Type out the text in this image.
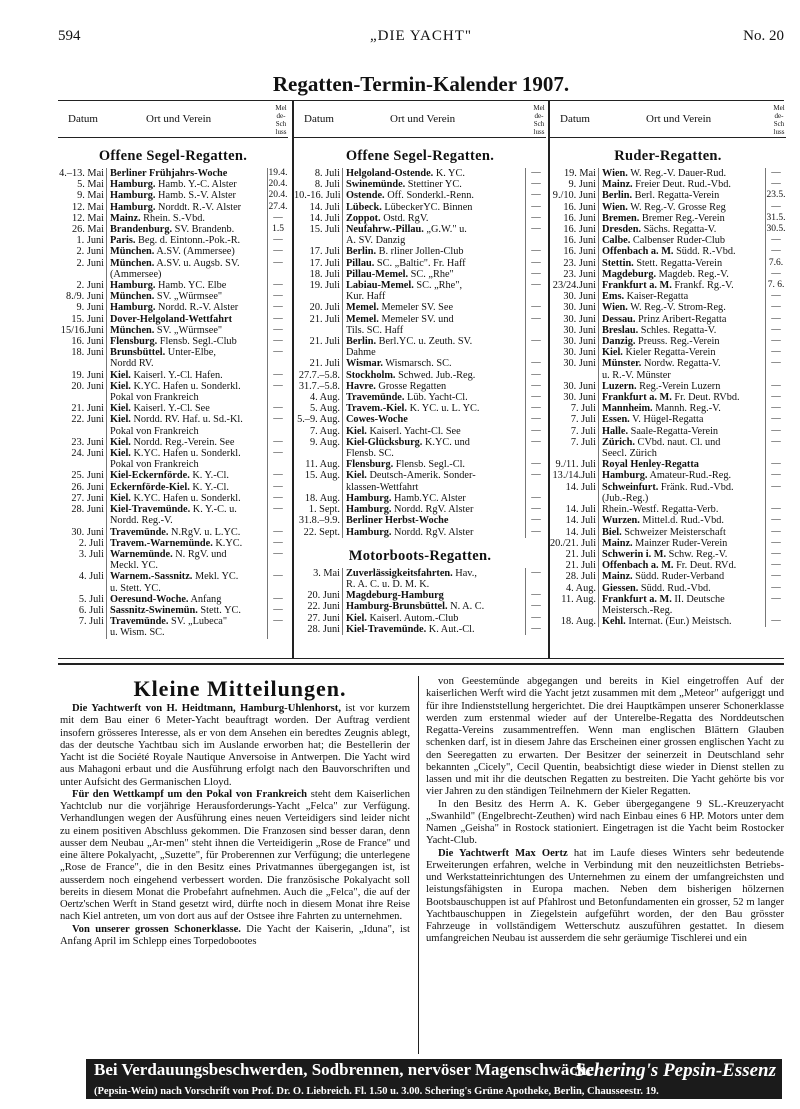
594	„DIE YACHT"	No. 20
Regatten-Termin-Kalender 1907.
Datum	Ort und Verein
Melde-Schluss
Offene Segel-Regatten.
4.–13. Mai Berliner Frühjahrs-Woche	19.4.
5. Mai Hamburg. Hamb. Y.-C. Alster	20.4.
9. Mai Hamburg. Hamb. S.-V. Alster	20.4.
12. Mai Hamburg. Norddt. R.-V. Alster	27.4.
12. Mai Mainz. Rhein. S.-Vbd.	—
26. Mai Brandenburg. SV. Brandenb.	1.5
1. Juni Paris. Beg. d. Eintonn.-Pok.-R.	—
2. Juni München. A.SV. (Ammersee)	—
2. Juni München. A.SV. u. Augsb. SV.	—
(Ammersee)
2. Juni Hamburg. Hamb. YC. Elbe	—
8./9. Juni München. SV. „Würmsee"	—
9. Juni Hamburg. Nordd. R.-V. Alster	—
15. Juni Dover-Helgoland-Wettfahrt	—
15/16.Juni München. SV. „Würmsee"	—
16. Juni Flensburg. Flensb. Segl.-Club	—
18. Juni Brunsbüttel. Unter-Elbe,	—
Nordd RV.
19. Juni Kiel. Kaiserl. Y.-Cl. Hafen.	—
20. Juni Kiel. K.YC. Hafen u. Sonderkl.	—
Pokal von Frankreich
21. Juni Kiel. Kaiserl. Y.-Cl. See	—
22. Juni Kiel. Nordd. RV. Haf. u. Sd.-Kl.	—
Pokal von Frankreich
23. Juni Kiel. Nordd. Reg.-Verein. See	—
24. Juni Kiel. K.YC. Hafen u. Sonderkl.	—
Pokal von Frankreich
25. Juni Kiel-Eckernförde. K. Y.-Cl.	—
26. Juni Eckernförde-Kiel. K. Y.-Cl.	—
27. Juni Kiel. K.YC. Hafen u. Sonderkl.	—
28. Juni Kiel-Travemünde. K. Y.-C. u.	—
Nordd. Reg.-V.
30. Juni Travemünde. N.RgV. u. L.YC.	—
2. Juli Travem.-Warnemünde. K.YC.	—
3. Juli Warnemünde. N. RgV. und	—
Meckl. YC.
4. Juli Warnem.-Sassnitz. Mekl. YC.	—
u. Stett. YC.
5. Juli Oeresund-Woche. Anfang	—
6. Juli Sassnitz-Swinemün. Stett. YC.	—
7. Juli Travemünde. SV. „Lubeca"	—
u. Wism. SC.
Datum	Ort und Verein
Melde-Schluss
Offene Segel-Regatten.
8. Juli Helgoland-Ostende. K. YC.	—
8. Juli Swinemünde. Stettiner YC.	—
10.-16. Juli Ostende. Off. Sonderkl.-Renn.	—
14. Juli Lübeck. LübeckerYC. Binnen	—
14. Juli Zoppot. Ostd. RgV.	—
15. Juli Neufahrw.-Pillau. „G.W." u.	—
A. SV. Danzig
17. Juli Berlin. B. rliner Jollen-Club	—
17. Juli Pillau. SC. „Baltic". Fr. Haff	—
18. Juli Pillau-Memel. SC. „Rhe"	—
19. Juli Labiau-Memel. SC. „Rhe",	—
Kur. Haff
20. Juli Memel. Memeler SV. See	—
21. Juli Memel. Memeler SV. und	—
Tils. SC. Haff
21. Juli Berlin. Berl.YC. u. Zeuth. SV.	—
Dahme
21. Juli Wismar. Wismarsch. SC.	—
27.7.–5.8. Stockholm. Schwed. Jub.-Reg.	—
31.7.–5.8. Havre. Grosse Regatten	—
4. Aug. Travemünde. Lüb. Yacht-Cl.	—
5. Aug. Travem.-Kiel. K. YC. u. L. YC.	—
5.–9. Aug. Cowes-Woche	—
7. Aug. Kiel. Kaiserl. Yacht-Cl. See	—
9. Aug. Kiel-Glücksburg. K.YC. und	—
Flensb. SC.
11. Aug. Flensburg. Flensb. Segl.-Cl.	—
15. Aug. Kiel. Deutsch-Amerik. Sonder-	—
klassen-Wettfahrt
18. Aug. Hamburg. Hamb.YC. Alster	—
1. Sept. Hamburg. Nordd. RgV. Alster	—
31.8.–9.9. Berliner Herbst-Woche	—
22. Sept. Hamburg. Nordd. RgV. Alster	—
Motorboots-Regatten.
3. Mai Zuverlässigkeitsfahrten. Hav.,	—
R. A. C. u. D. M. K.
20. Juni Magdeburg-Hamburg	—
22. Juni Hamburg-Brunsbüttel. N. A. C.	—
27. Juni Kiel. Kaiserl. Autom.-Club	—
28. Juni Kiel-Travemünde. K. Aut.-Cl.	—
Datum	Ort und Verein
Melde-Schluss
Ruder-Regatten.
19. Mai Wien. W. Reg.-V. Dauer-Rud.	—
9. Juni Mainz. Freier Deut. Rud.-Vbd.	—
9./10. Juni Berlin. Berl. Regatta-Verein	23.5.
16. Juni Wien. W. Reg.-V. Grosse Reg	—
16. Juni Bremen. Bremer Reg.-Verein	31.5.
16. Juni Dresden. Sächs. Regatta-V.	30.5.
16. Juni Calbe. Calbenser Ruder-Club	—
16. Juni Offenbach a. M. Südd. R.-Vbd.	—
23. Juni Stettin. Stett. Regatta-Verein	7.6.
23. Juni Magdeburg. Magdeb. Reg.-V.	—
23/24.Juni Frankfurt a. M. Frankf. Rg.-V.	7. 6.
30. Juni Ems. Kaiser-Regatta	—
30. Juni Wien. W. Reg.-V. Strom-Reg.	—
30. Juni Dessau. Prinz Aribert-Regatta	—
30. Juni Breslau. Schles. Regatta-V.	—
30. Juni Danzig. Preuss. Reg.-Verein	—
30. Juni Kiel. Kieler Regatta-Verein	—
30. Juni Münster. Nordw. Regatta-V.	—
u. R.-V. Münster
30. Juni Luzern. Reg.-Verein Luzern	—
30. Juni Frankfurt a. M. Fr. Deut. RVbd.	—
7. Juli Mannheim. Mannh. Reg.-V.	—
7. Juli Essen. V. Hügel-Regatta	—
7. Juli Halle. Saale-Regatta-Verein	—
7. Juli Zürich. CVbd. naut. Cl. und	—
Seecl. Zürich
9./11. Juli Royal Henley-Regatta	—
13./14.Juli Hamburg. Amateur-Rud.-Reg.	—
14. Juli Schweinfurt. Fränk. Rud.-Vbd.	—
(Jub.-Reg.)
14. Juli Rhein.-Westf. Regatta-Verb.	—
14. Juli Wurzen. Mittel.d. Rud.-Vbd.	—
14. Juli Biel. Schweizer Meisterschaft	—
20./21. Juli Mainz. Mainzer Ruder-Verein	—
21. Juli Schwerin i. M. Schw. Reg.-V.	—
21. Juli Offenbach a. M. Fr. Deut. RVd.	—
28. Juli Mainz. Südd. Ruder-Verband	—
4. Aug. Giessen. Südd. Rud.-Vbd.	—
11. Aug. Frankfurt a. M. II. Deutsche	—
Meistersch.-Reg.
18. Aug. Kehl. Internat. (Eur.) Meistsch.	—
Kleine Mitteilungen.

Die Yachtwerft von H. Heidtmann, Hamburg-Uhlenhorst, ist vor kurzem mit dem Bau einer 6 Meter-Yacht beauftragt worden. Der Auftrag verdient insofern grösseres Interesse, als er von dem Ansehen ein beredtes Zeugnis ablegt, das der deutsche Yachtbau sich im Auslande erworben hat; die Bestellerin der Yacht ist die Société Royale Nautique Anversoise in Antwerpen. Die Yacht wird aus Mahagoni erbaut und die Ausführung erfolgt nach den Bauvorschriften und unter Aufsicht des Germanischen Lloyd.

Für den Wettkampf um den Pokal von Frankreich steht dem Kaiserlichen Yachtclub nur die vorjährige Herausforderungs-Yacht „Felca" zur Verfügung. Verhandlungen wegen der Ausführung eines neuen Verteidigers sind leider nicht zu einem positiven Abschluss gekommen. Die Franzosen sind besser daran, denn ausser dem Neubau „Ar-men" steht ihnen die Verteidigerin „Rose de France" und eine ältere Pokalyacht, „Suzette", für Proberennen zur Verfügung; die unterlegene „Rose de France", die in den Besitz eines Privatmannes übergegangen ist, ist ausserdem noch eingehend verbessert worden. Die französische Pokalyacht soll bereits in diesem Monat die Probefahrt aufnehmen. Auch die „Felca", die auf der Oertz'schen Werft in Stand gesetzt wird, dürfte noch in diesem Monat ihre Reise nach Kiel antreten, um von dort aus auf der Ostsee ihre Fahrten zu unternehmen.

Von unserer grossen Schonerklasse. Die Yacht der Kaiserin, „Iduna", ist Anfang April im Schlepp eines Torpedobootes

von Geestemünde abgegangen und bereits in Kiel eingetroffen Auf der kaiserlichen Werft wird die Yacht jetzt zusammen mit dem „Meteor" aufgeriggt und für ihre Indienststellung hergerichtet. Die drei Hauptkämpen unserer Schonerklasse werden zum erstenmal wieder auf der Unterelbe-Regatta des Norddeutschen Regatta-Vereins zusammentreffen. Wenn man englischen Blättern Glauben schenken darf, ist in diesem Jahre das Erscheinen einer grossen englischen Yacht zu den Seeregatten zu erwarten. Der Besitzer der seinerzeit in Deutschland sehr bekannten „Cicely", Cecil Quentin, beabsichtigt diese wieder in Dienst stellen zu lassen und mit ihr die deutschen Regatten zu bestreiten. Die Yacht gehörte bis vor vier Jahren zu den ständigen Teilnehmern der Kieler Regatten.

In den Besitz des Herrn A. K. Geber übergegangene 9 SL.-Kreuzeryacht „Swanhild" (Engelbrecht-Zeuthen) wird nach Einbau eines 6 HP. Motors unter dem Namen „Geisha" in Rostock stationiert. Eingetragen ist die Yacht beim Rostocker Yacht-Club.

Die Yachtwerft Max Oertz hat im Laufe dieses Winters sehr bedeutende Erweiterungen erfahren, welche in Verbindung mit den neuzeitlichsten Betriebs- und Werkstatteinrichtungen des Unternehmen zu einem der umfangreichsten und leistungsfähigsten in Europa machen. Neben dem bisherigen hölzernen Bootsbauschuppen ist auf Pfahlrost und Betonfundamenten ein grosser, 52 m langer Yachtbauschuppen in Ziegelstein aufgeführt worden, der den Bau grösster Fahrzeuge in vollständigem Wetterschutz auszuführen gestattet. In diesem umfangreichen Neubau ist ausserdem die sehr geräumige Tischlerei und ein

Bei Verdauungsbeschwerden, Sodbrennen, nervöser Magenschwäche
Schering's Pepsin-Essenz
(Pepsin-Wein) nach Vorschrift von Prof. Dr. O. Liebreich. Fl. 1.50 u. 3.00. Schering's Grüne Apotheke, Berlin, Chausseestr. 19.
